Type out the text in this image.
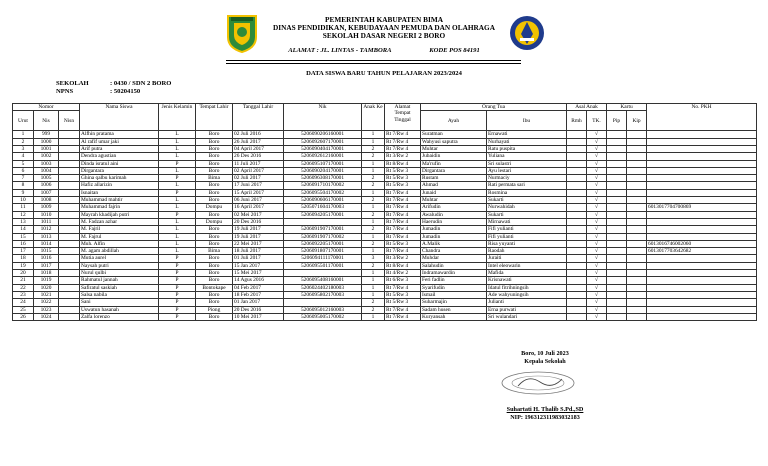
PEMERINTAH KABUPATEN BIMA
DINAS PENDIDIKAN, KEBUDAYAAN PEMUDA DAN OLAHRAGA
SEKOLAH DASAR NEGERI 2 BORO
ALAMAT : JL. LINTAS - TAMBORA	KODE POS 84191
DATA SISWA BARU TAHUN PELAJARAN 2023/2024
SEKOLAH	: 0430 / SDN 2 BORO
NPNS	: 50204150
Nomor			Nama Siswa	Jenis Kelamin	Tempat Lahir	Tanggal Lahir	Nik	Anak Ke	Alamat Tempat Tinggal	Orang Tua		Asal Anak		Kartu		No. PKH
Urut	Nis	Nisn								Ayah	Ibu	Rmh	TK.	Pip	Kip	
1	999		Alfhin pratama	L	Boro	02 Juli 2016	5206090206160001	1	Rt 7/Rw 4	Suratman	Ernawati		√			
2	1000		Al rafif umar jaki	L	Boro	26 Juli 2017	5206092607170001	1	Rt 7/Rw 4	Wahyusi saputra	Nurhayati		√			
3	1001		Arif putra	L	Boro	04 April 2017	5206090404170001	2	Rt 7/Rw 4	Muhtar	Ratu puspita		√			
4	1002		Dendra agustian	L	Boro	26 Des 2016	5206092612160001	2	Rt 3/Rw 2	Jubaidin	Yuliana		√			
5	1003		Dinda isratul aini	P	Boro	11 Juli 2017	5206095107170001	1	Rt 8/Rw 4	Ma'rufin	Sri sulastri		√			
6	1004		Dirgantara	L	Boro	02 April 2017	5206090204170001	1	Rt 5/Rw 3	Dirgantara	Ayu lestari		√			
7	1005		Ghina qalbu karimah	P	Bima	02 Juli 2017	5206096308170001	2	Rt 5/Rw 3	Rustam	Nurmaciy		√			
8	1006		Hafiz allarizin	L	Boro	17 Juni 2017	5206091710170002	2	Rt 5/Rw 3	Ahmad	Rati permata sari		√			
9	1007		Isnaitan	P	Boro	15 April 2017	5206095504170002	1	Rt 7/Rw 4	Junaid	Rosmina		√			
10	1008		Muhammad mahtir	L	Boro	06 Juni 2017	5206090606170001	2	Rt 7/Rw 4	Muhtar	Sukarti		√			
11	1009		Muhammad fajrin	L	Dompu	16 April 2017	5205071604170003	1	Rt 7/Rw 4	Arifudin	Nurwahidah		√			6013017704700869
12	1010		Mayrah khadijah putri	P	Boro	02 Mei 2017	5206094205170001	2	Rt 7/Rw 4	Awaludin	Sukarti		√			
13	1011		M. Fadzan azhar	L	Dompu	20 Des 2016		1	Rt 7/Rw 4	Haerudin	Mirnawati		√			
14	1012		M. Fajril	L	Boro	19 Juli 2017	5206091907170001	2	Rt 7/Rw 4	Jumadin	Fifi yulianti		√			
15	1013		M. Fajrul	L	Boro	19 Juli 2017	5206091907170002	1	Rt 7/Rw 4	Jumadin	Fifi yulianti		√			
16	1014		Muh. Alfin	L	Boro	22 Mei 2017	5206092205170001	2	Rt 5/Rw 3	A.Malik	Risa yuyanti		√			6013016746002060
17	1015		M. agam abdillah	L	Bima	18 Juli 2017	5206091807170001	1	Rt 7/Rw 4	Chandra	Raodah		√			6013017703642682
18	1016		Mutia aurel	P	Boro	01 Juli 2017	5206094111170001	3	Rt 3/Rw 2	Muhdar	Juraiti		√			
19	1017		Naysah putri	P	Boro	15 Jan 2017	5206095501170001	2	Rt 8/Rw 4	Salahudin	Intel eleowarin		√			
20	1018		Nurul qulbi	P	Boro	15 Mei 2017		1	Rt 4/Rw 2	Indramawardin	Mafida		√			
21	1019		Rahmatul jannah	P	Boro	14 Agus 2016	5206095408160001	1	Rt 6/Rw 3	Feri fadlin	Krisnawati		√			
22	1020		Safiratul saskiah	P	Bontokape	04 Feb 2017	5206024402180003	1	Rt 7/Rw 4	Syarifudin	Idatul fitrihningsih		√			
23	1021		Salsa nabila	P	Boro	18 Feb 2017	5206095802170003	1	Rt 5/Rw 3	Ismail	Ade wahyuningsih		√			
24	1022		Sani	P	Boro	01 Jan 2017		2	Rt 5/Rw 3	Suharmajin	Julianti		√			
25	1023		Uswatun hasanah	P	Piong	20 Des 2016	5206095012160003	2	Rt 7/Rw 4	Sadam husen	Erna purwati		√			
26	1024		Zalfa lorenzo	P	Boro	10 Mei 2017	5206095005170002	1	Rt 7/Rw 4	Kuryansah	Sri wulandari		√			
Boro, 10 Juli 2023
Kepala Sekolah
Suhartati H. Thalib S.Pd.,SD
NIP: 196312311983032183
